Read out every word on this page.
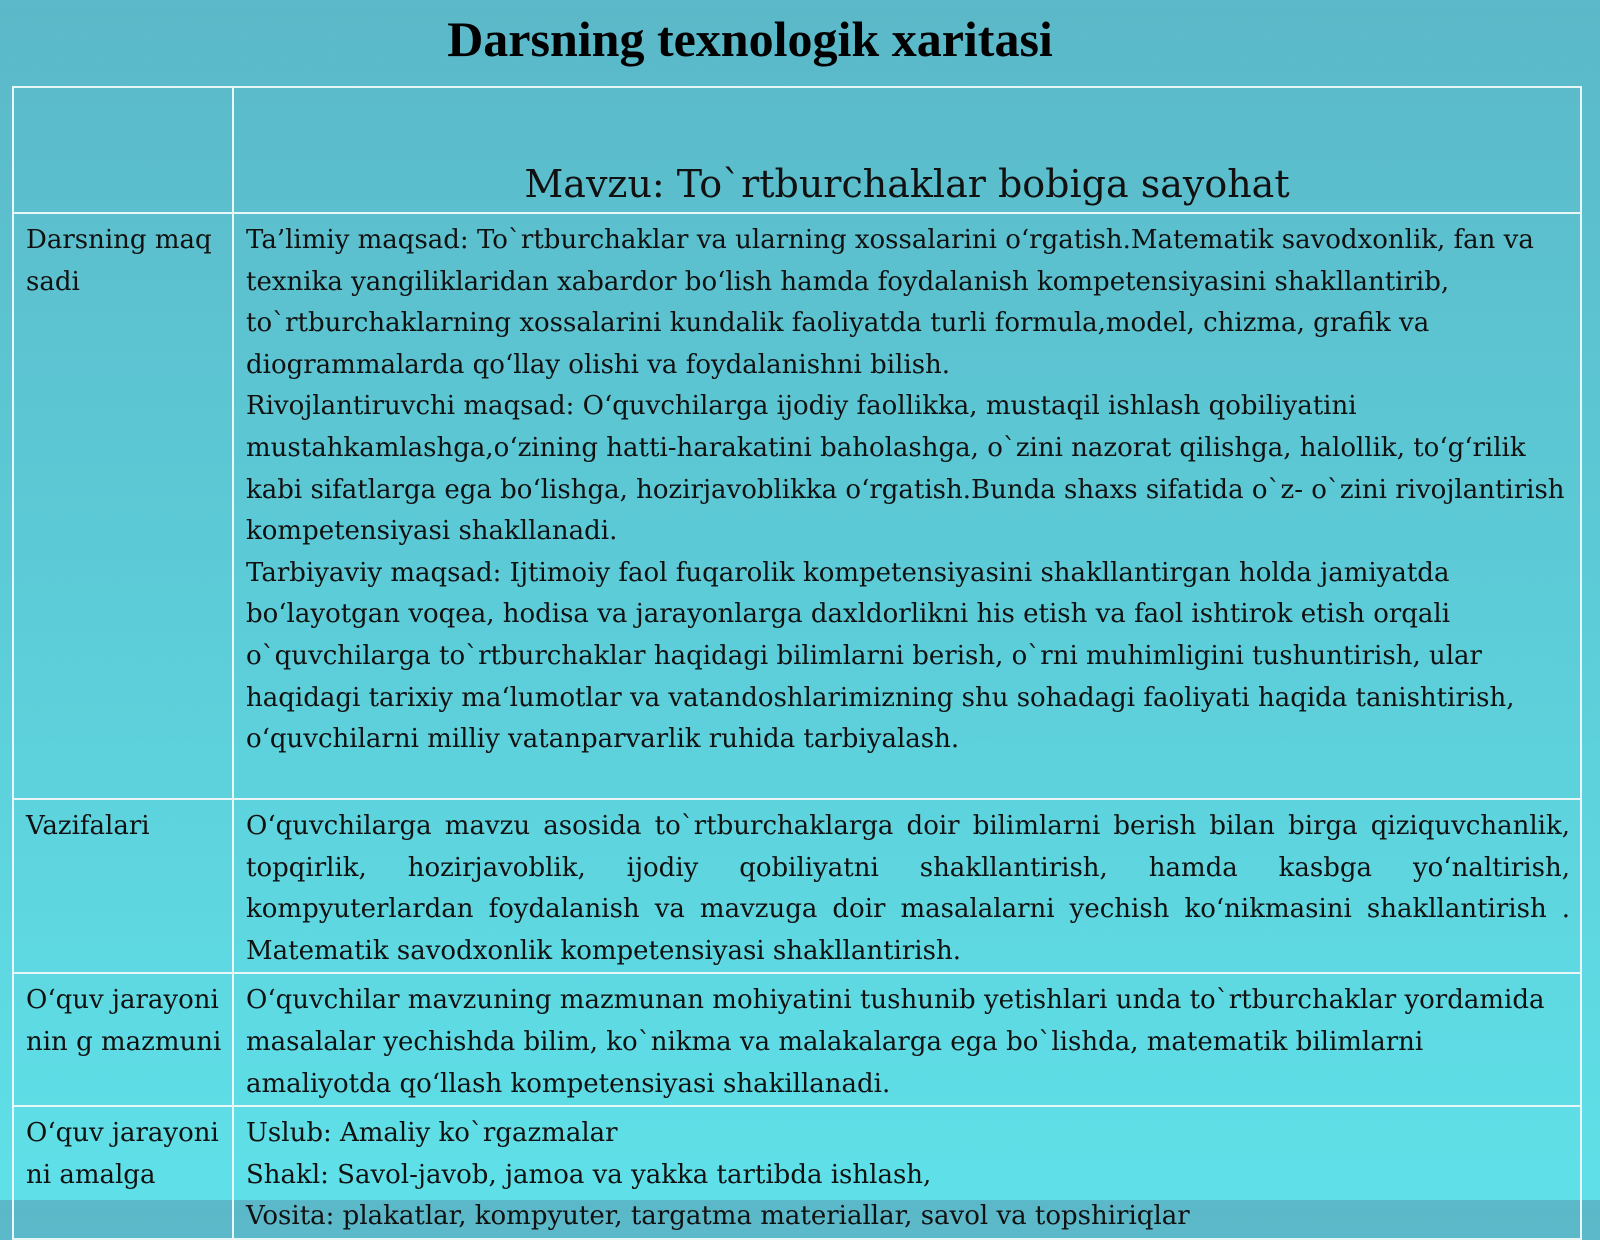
Darsning texnologik xaritasi
	Mavzu: To`rtburchaklar bobiga sayohat
Darsning maqsadi	Ta’limiy maqsad: To`rtburchaklar va ularning xossalarini o‘rgatish.Matematik savodxonlik, fan va texnika yangiliklaridan xabardor bo‘lish hamda foydalanish kompetensiyasini shakllantirib, to`rtburchaklarning xossalarini kundalik faoliyatda turli formula,model, chizma, grafik va diogrammalarda qo‘llay olishi va foydalanishni bilish.
Rivojlantiruvchi maqsad: O‘quvchilarga ijodiy faollikka, mustaqil ishlash qobiliyatini mustahkamlashga,o‘zining hatti-harakatini baholashga, o`zini nazorat qilishga, halollik, to‘g‘rilik kabi sifatlarga ega bo‘lishga, hozirjavoblikka o‘rgatish.Bunda shaxs sifatida o`z- o`zini rivojlantirish kompetensiyasi shakllanadi.
Tarbiyaviy maqsad: Ijtimoiy faol fuqarolik kompetensiyasini shakllantirgan holda jamiyatda bo‘layotgan voqea, hodisa va jarayonlarga daxldorlikni his etish va faol ishtirok etish orqali o`quvchilarga to`rtburchaklar haqidagi bilimlarni berish, o`rni muhimligini tushuntirish, ular haqidagi tarixiy ma‘lumotlar va vatandoshlarimizning shu sohadagi faoliyati haqida tanishtirish, o‘quvchilarni milliy vatanparvarlik ruhida tarbiyalash.

Vazifalari	O‘quvchilarga mavzu asosida to`rtburchaklarga doir bilimlarni berish bilan birga qiziquvchanlik, topqirlik, hozirjavoblik, ijodiy qobiliyatni shakllantirish, hamda kasbga yo‘naltirish, kompyuterlardan foydalanish va mavzuga doir masalalarni yechish ko‘nikmasini shakllantirish . Matematik savodxonlik kompetensiyasi shakllantirish.

O‘quv jarayoninin g mazmuni	O‘quvchilar mavzuning mazmunan mohiyatini tushunib yetishlari unda to`rtburchaklar yordamida masalalar yechishda bilim, ko`nikma va malakalarga ega bo`lishda, matematik bilimlarni amaliyotda qo‘llash kompetensiyasi shakillanadi.

O‘quv jarayonini amalga	Uslub: Amaliy ko`rgazmalar
Shakl: Savol-javob, jamoa va yakka tartibda ishlash,
Vosita: plakatlar, kompyuter, targatma materiallar, savol va topshiriqlar
